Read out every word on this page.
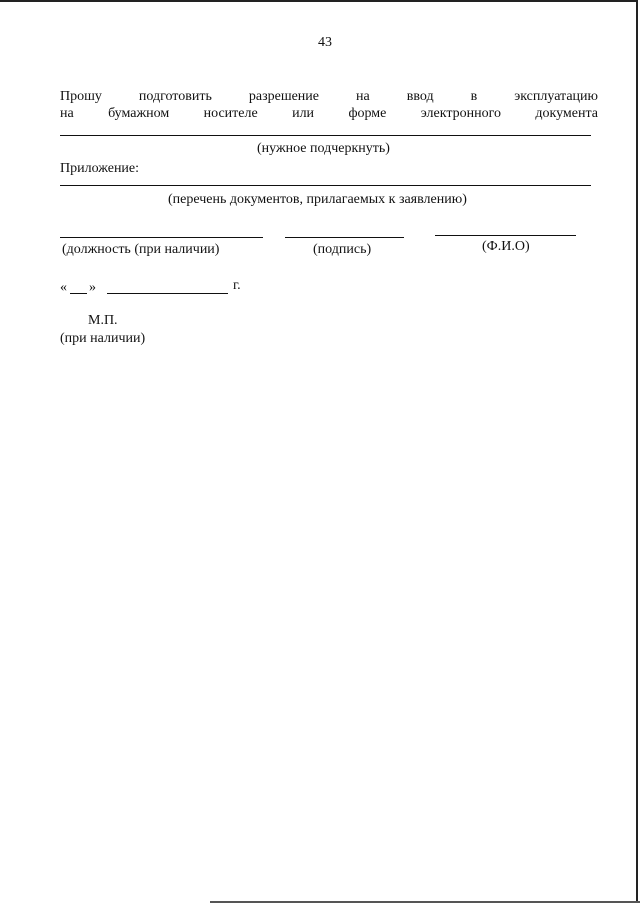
43
Прошу	подготовить	разрешение	на	ввод	в	эксплуатацию
на бумажном носителе или форме электронного документа
(нужное подчеркнуть)
Приложение:
(перечень документов, прилагаемых к заявлению)
(должность (при наличии)	(подпись)	(Ф.И.О)
« »	г.
М.П.
(при наличии)
